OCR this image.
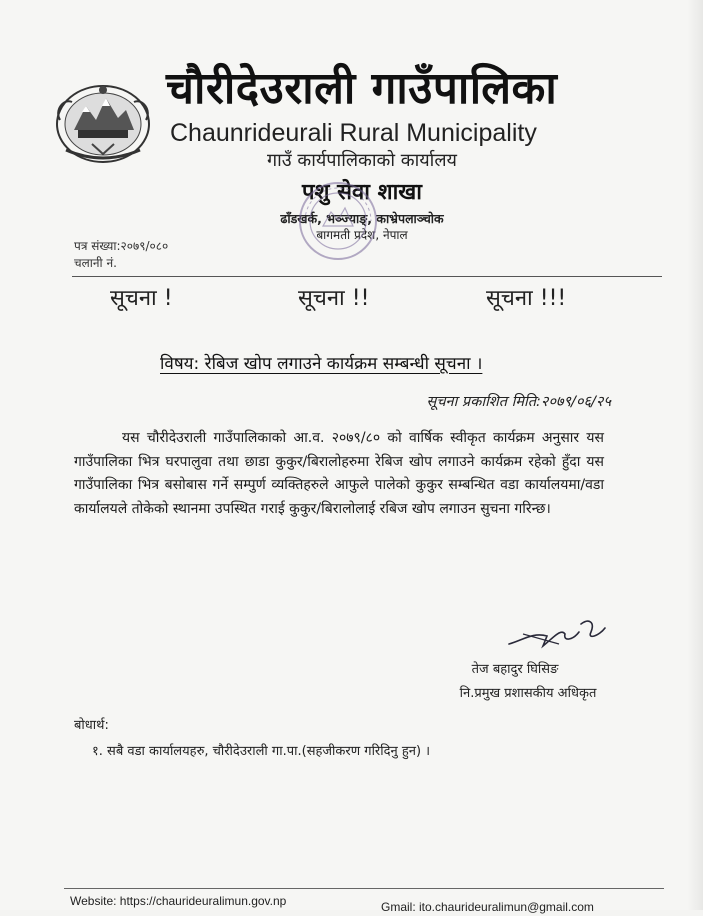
चौरीदेउराली गाउँपालिका
Chaunrideurali Rural Municipality
गाउँ कार्यपालिकाको कार्यालय
पशु सेवा शाखा
ढाँडखर्क, भञ्ज्याङ्, काभ्रेपलाञ्चोक
बागमती प्रदेश, नेपाल
पत्र संख्या:२०७९/०८०
चलानी नं.
सूचना !	सूचना !!	सूचना !!!
विषय: रेबिज खोप लगाउने कार्यक्रम सम्बन्धी सूचना ।
सूचना प्रकाशित मिति:२०७९/०६/२५
यस चौरीदेउराली गाउँपालिकाको आ.व. २०७९/८० को वार्षिक स्वीकृत कार्यक्रम अनुसार यस गाउँपालिका भित्र घरपालुवा तथा छाडा कुकुर/बिरालोहरुमा रेबिज खोप लगाउने कार्यक्रम रहेको हुँदा यस गाउँपालिका भित्र बसोबास गर्ने सम्पुर्ण व्यक्तिहरुले आफुले पालेको कुकुर सम्बन्धित वडा कार्यालयमा/वडा कार्यालयले तोकेको स्थानमा उपस्थित गराई कुकुर/बिरालोलाई रबिज खोप लगाउन सुचना गरिन्छ।
तेज बहादुर घिसिङ
नि.प्रमुख प्रशासकीय अधिकृत
बोधार्थ:
१. सबै वडा कार्यालयहरु, चौरीदेउराली गा.पा.(सहजीकरण गरिदिनु हुन) ।
Website: https://chaurideuralimun.gov.np	Gmail: ito.chaurideuralimun@gmail.com
